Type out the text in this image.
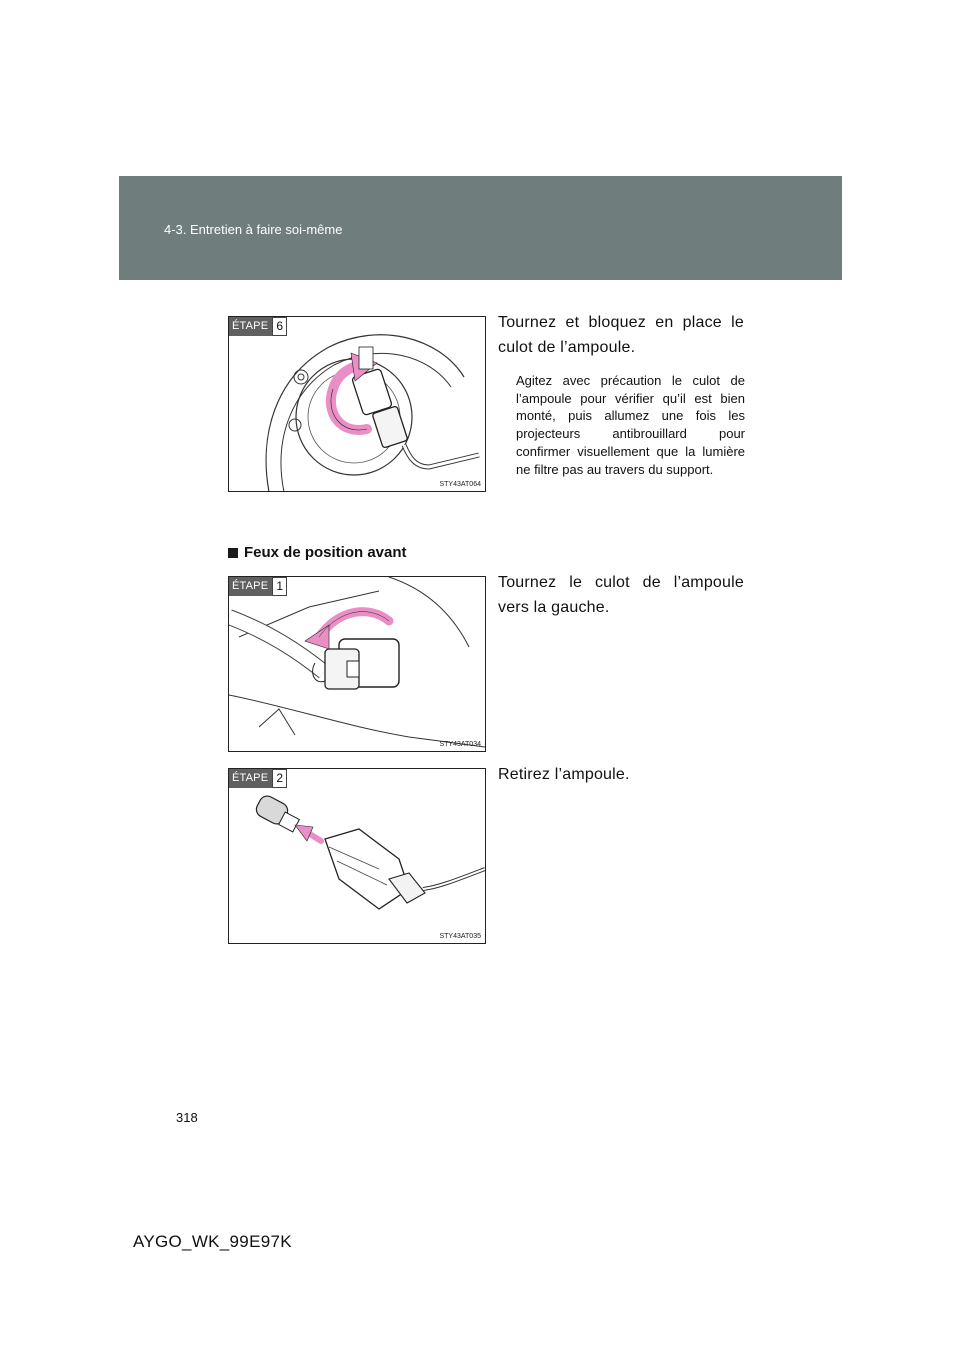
4-3. Entretien à faire soi-même
ÉTAPE 6
STY43AT064

Tournez et bloquez en place le culot de l’ampoule.

Agitez avec précaution le culot de l’ampoule pour vérifier qu’il est bien monté, puis allumez une fois les projecteurs antibrouillard pour confirmer visuellement que la lumière ne filtre pas au travers du support.

Feux de position avant
ÉTAPE 1
STY43AT034

Tournez le culot de l’ampoule vers la gauche.

ÉTAPE 2
STY43AT035

Retirez l’ampoule.

318
AYGO_WK_99E97K
